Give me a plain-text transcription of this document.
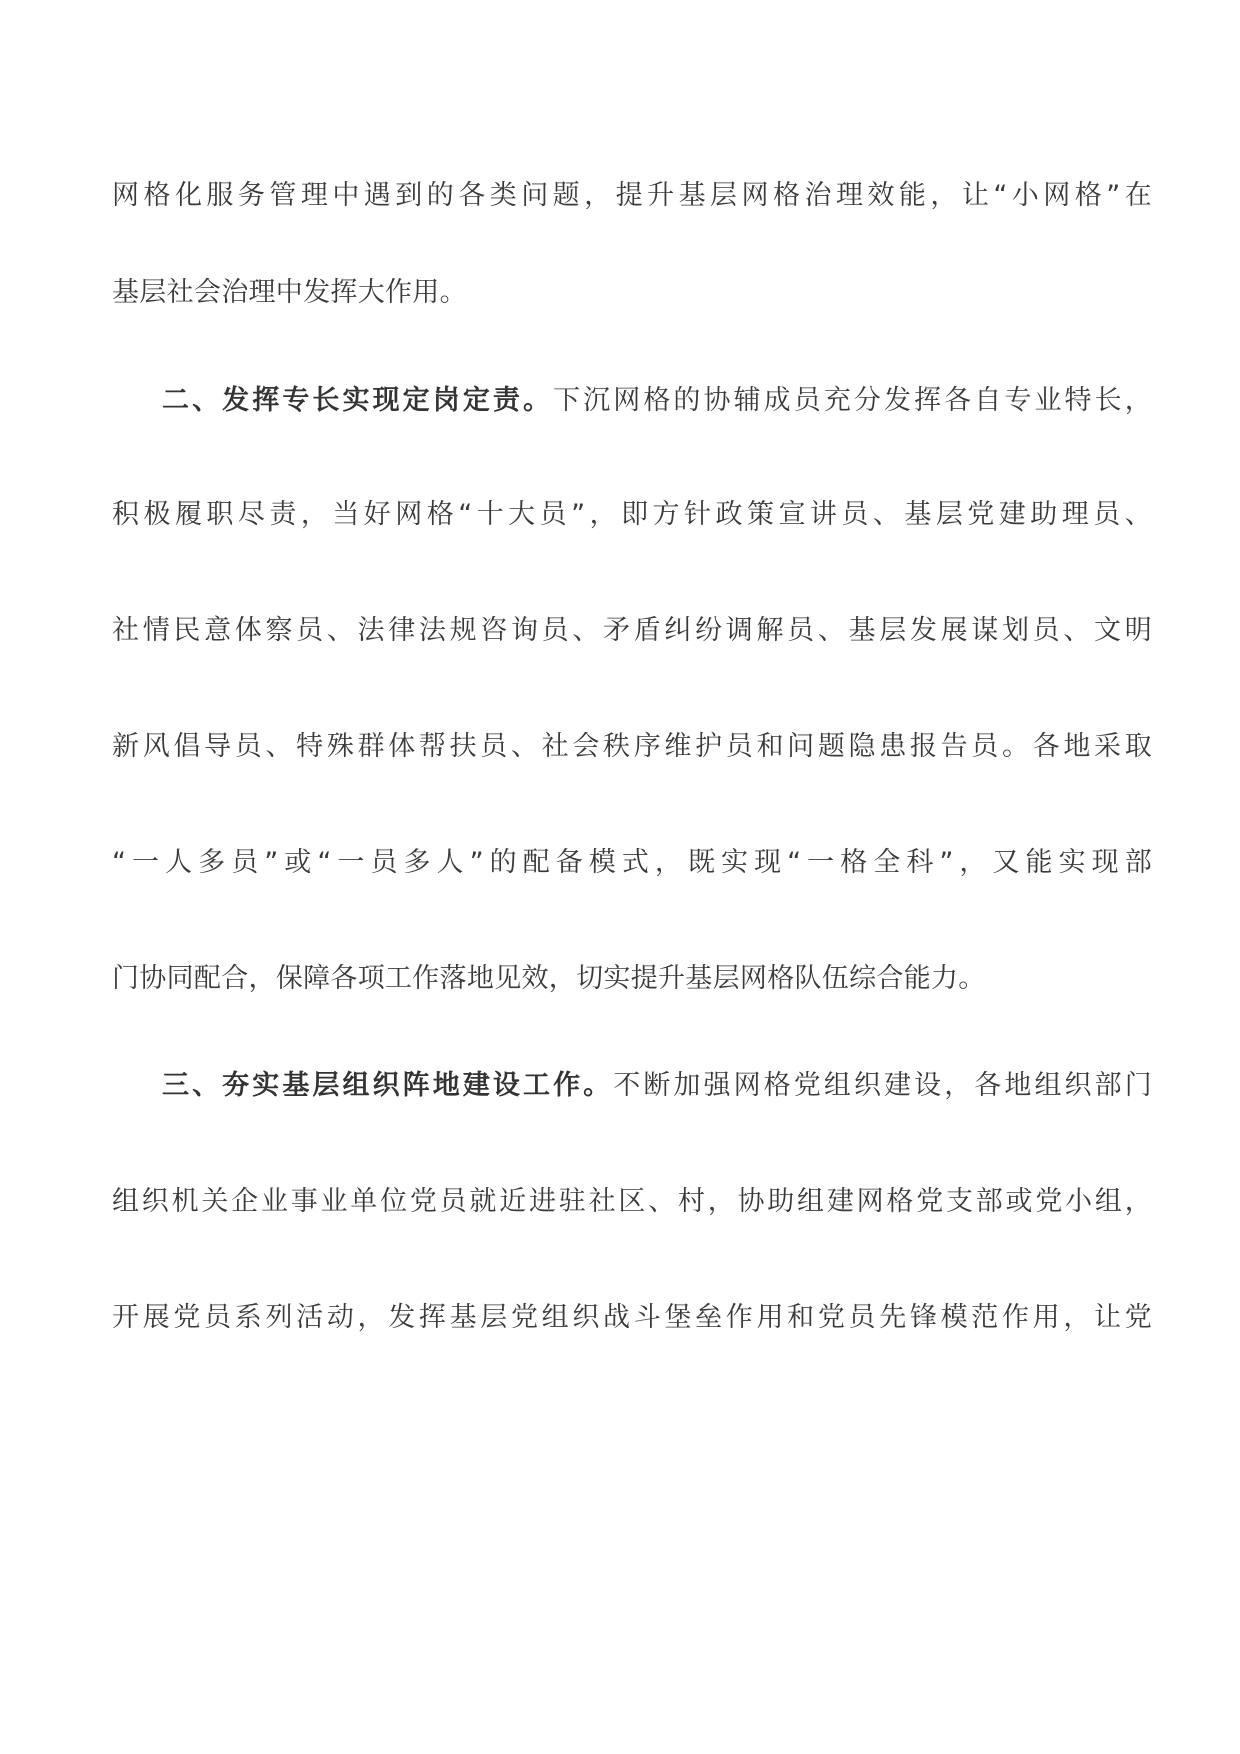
网格化服务管理中遇到的各类问题，提升基层网格治理效能，让“小网格”在
基层社会治理中发挥大作用。
二、发挥专长实现定岗定责。下沉网格的协辅成员充分发挥各自专业特长，
积极履职尽责，当好网格“十大员”，即方针政策宣讲员、基层党建助理员、
社情民意体察员、法律法规咨询员、矛盾纠纷调解员、基层发展谋划员、文明
新风倡导员、特殊群体帮扶员、社会秩序维护员和问题隐患报告员。各地采取
“一人多员”或“一员多人”的配备模式，既实现“一格全科”，又能实现部
门协同配合，保障各项工作落地见效，切实提升基层网格队伍综合能力。
三、夯实基层组织阵地建设工作。不断加强网格党组织建设，各地组织部门
组织机关企业事业单位党员就近进驻社区、村，协助组建网格党支部或党小组，
开展党员系列活动，发挥基层党组织战斗堡垒作用和党员先锋模范作用，让党
